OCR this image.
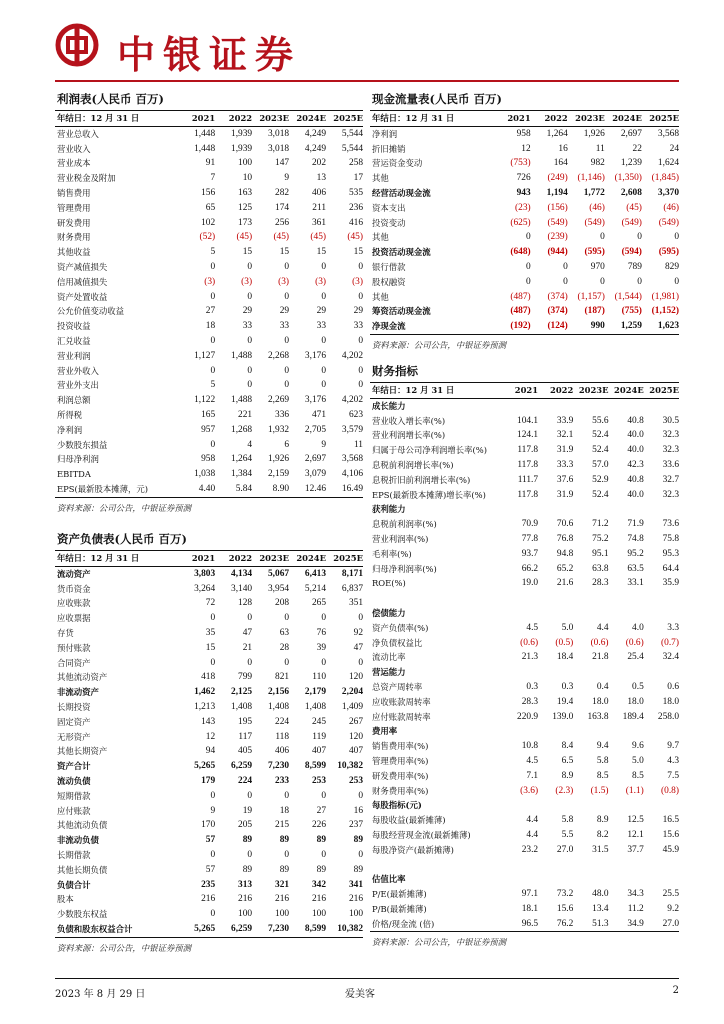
中银证券
利润表(人民币 百万)
年结日：12 月 31 日	2021	2022	2023E	2024E	2025E
营业总收入	1,448	1,939	3,018	4,249	5,544
营业收入	1,448	1,939	3,018	4,249	5,544
营业成本	91	100	147	202	258
营业税金及附加	7	10	9	13	17
销售费用	156	163	282	406	535
管理费用	65	125	174	211	236
研发费用	102	173	256	361	416
财务费用	(52)	(45)	(45)	(45)	(45)
其他收益	5	15	15	15	15
资产减值损失	0	0	0	0	0
信用减值损失	(3)	(3)	(3)	(3)	(3)
资产处置收益	0	0	0	0	0
公允价值变动收益	27	29	29	29	29
投资收益	18	33	33	33	33
汇兑收益	0	0	0	0	0
营业利润	1,127	1,488	2,268	3,176	4,202
营业外收入	0	0	0	0	0
营业外支出	5	0	0	0	0
利润总额	1,122	1,488	2,269	3,176	4,202
所得税	165	221	336	471	623
净利润	957	1,268	1,932	2,705	3,579
少数股东损益	0	4	6	9	11
归母净利润	958	1,264	1,926	2,697	3,568
EBITDA	1,038	1,384	2,159	3,079	4,106
EPS(最新股本摊薄，元)	4.40	5.84	8.90	12.46	16.49
资料来源：公司公告，中银证券预测
现金流量表(人民币 百万)
年结日：12 月 31 日	2021	2022	2023E	2024E	2025E
净利润	958	1,264	1,926	2,697	3,568
折旧摊销	12	16	11	22	24
营运资金变动	(753)	164	982	1,239	1,624
其他	726	(249)	(1,146)	(1,350)	(1,845)
经营活动现金流	943	1,194	1,772	2,608	3,370
资本支出	(23)	(156)	(46)	(45)	(46)
投资变动	(625)	(549)	(549)	(549)	(549)
其他	0	(239)	0	0	0
投资活动现金流	(648)	(944)	(595)	(594)	(595)
银行借款	0	0	970	789	829
股权融资	0	0	0	0	0
其他	(487)	(374)	(1,157)	(1,544)	(1,981)
筹资活动现金流	(487)	(374)	(187)	(755)	(1,152)
净现金流	(192)	(124)	990	1,259	1,623
资料来源：公司公告，中银证券预测
资产负债表(人民币 百万)
年结日：12 月 31 日	2021	2022	2023E	2024E	2025E
流动资产	3,803	4,134	5,067	6,413	8,171
货币资金	3,264	3,140	3,954	5,214	6,837
应收账款	72	128	208	265	351
应收票据	0	0	0	0	0
存货	35	47	63	76	92
预付账款	15	21	28	39	47
合同资产	0	0	0	0	0
其他流动资产	418	799	821	110	120
非流动资产	1,462	2,125	2,156	2,179	2,204
长期投资	1,213	1,408	1,408	1,408	1,409
固定资产	143	195	224	245	267
无形资产	12	117	118	119	120
其他长期资产	94	405	406	407	407
资产合计	5,265	6,259	7,230	8,599	10,382
流动负债	179	224	233	253	253
短期借款	0	0	0	0	0
应付账款	9	19	18	27	16
其他流动负债	170	205	215	226	237
非流动负债	57	89	89	89	89
长期借款	0	0	0	0	0
其他长期负债	57	89	89	89	89
负债合计	235	313	321	342	341
股本	216	216	216	216	216
少数股东权益	0	100	100	100	100
负债和股东权益合计	5,265	6,259	7,230	8,599	10,382
资料来源：公司公告，中银证券预测
财务指标
年结日：12 月 31 日	2021	2022	2023E	2024E	2025E
成长能力					
营业收入增长率(%)	104.1	33.9	55.6	40.8	30.5
营业利润增长率(%)	124.1	32.1	52.4	40.0	32.3
归属于母公司净利润增长率(%)	117.8	31.9	52.4	40.0	32.3
息税前利润增长率(%)	117.8	33.3	57.0	42.3	33.6
息税折旧前利润增长率(%)	111.7	37.6	52.9	40.8	32.7
EPS(最新股本摊薄)增长率(%)	117.8	31.9	52.4	40.0	32.3
获利能力					
息税前利润率(%)	70.9	70.6	71.2	71.9	73.6
营业利润率(%)	77.8	76.8	75.2	74.8	75.8
毛利率(%)	93.7	94.8	95.1	95.2	95.3
归母净利润率(%)	66.2	65.2	63.8	63.5	64.4
ROE(%)	19.0	21.6	28.3	33.1	35.9

偿债能力					
资产负债率(%)	4.5	5.0	4.4	4.0	3.3
净负债权益比	(0.6)	(0.5)	(0.6)	(0.6)	(0.7)
流动比率	21.3	18.4	21.8	25.4	32.4
营运能力					
总资产周转率	0.3	0.3	0.4	0.5	0.6
应收账款周转率	28.3	19.4	18.0	18.0	18.0
应付账款周转率	220.9	139.0	163.8	189.4	258.0
费用率					
销售费用率(%)	10.8	8.4	9.4	9.6	9.7
管理费用率(%)	4.5	6.5	5.8	5.0	4.3
研发费用率(%)	7.1	8.9	8.5	8.5	7.5
财务费用率(%)	(3.6)	(2.3)	(1.5)	(1.1)	(0.8)
每股指标(元)					
每股收益(最新摊薄)	4.4	5.8	8.9	12.5	16.5
每股经营现金流(最新摊薄)	4.4	5.5	8.2	12.1	15.6
每股净资产(最新摊薄)	23.2	27.0	31.5	37.7	45.9

估值比率					
P/E(最新摊薄)	97.1	73.2	48.0	34.3	25.5
P/B(最新摊薄)	18.1	15.6	13.4	11.2	9.2
价格/现金流 (倍)	96.5	76.2	51.3	34.9	27.0
资料来源：公司公告，中银证券预测
2023 年 8 月 29 日	爱美客	2
